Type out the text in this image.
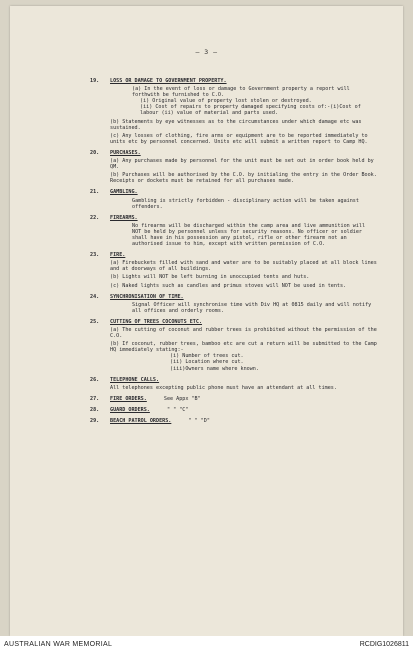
— 3 —
19. LOSS OR DAMAGE TO GOVERNMENT PROPERTY.
(a) In the event of loss or damage to Government property a report will forthwith be furnished to C.O.
(i) Original value of property lost stolen or destroyed.
(ii) Cost of repairs to property damaged specifying costs of:-(i)Cost of labour (ii) value of material and parts used.
(b) Statements by eye witnesses as to the circumstances under which damage etc was sustained.
(c) Any losses of clothing, fire arms or equipment are to be reported immediately to units etc by personnel concerned. Units etc will submit a written report to Camp HQ.
20. PURCHASES.
(a) Any purchases made by personnel for the unit must be set out in order book held by QM.
(b) Purchases will be authorised by the C.O. by initialing the entry in the Order Book. Receipts or dockets must be retained for all purchases made.
21. GAMBLING.
Gambling is strictly forbidden - disciplinary action will be taken against offenders.
22. FIREARMS.
No firearms will be discharged within the camp area and live ammunition will NOT be held by personnel unless for security reasons. No officer or soldier shall have in his possession any pistol, rifle or other firearm not an authorised issue to him, except with written permission of C.O.
23. FIRE.
(a) Firebuckets filled with sand and water are to be suitably placed at all block lines and at doorways of all buildings.
(b) Lights will NOT be left burning in unoccupied tents and huts.
(c) Naked lights such as candles and primus stoves will NOT be used in tents.
24. SYNCHRONISATION OF TIME.
Signal Officer will synchronise time with Div HQ at 0815 daily and will notify all offices and orderly rooms.
25. CUTTING OF TREES COCONUTS ETC.
(a) The cutting of coconut and rubber trees is prohibited without the permission of the C.O.
(b) If coconut, rubber trees, bamboo etc are cut a return will be submitted to the Camp HQ immediately stating:-
(i) Number of trees cut.
(ii) Location where cut.
(iii)Owners name where known.
26. TELEPHONE CALLS.
All telephones excepting public phone must have an attendant at all times.
27. FIRE ORDERS.	See Appx "B"
28. GUARD ORDERS.	" " "C"
29. BEACH PATROL ORDERS.	" " "D"
AUSTRALIAN WAR MEMORIAL	RCDIG1026811
